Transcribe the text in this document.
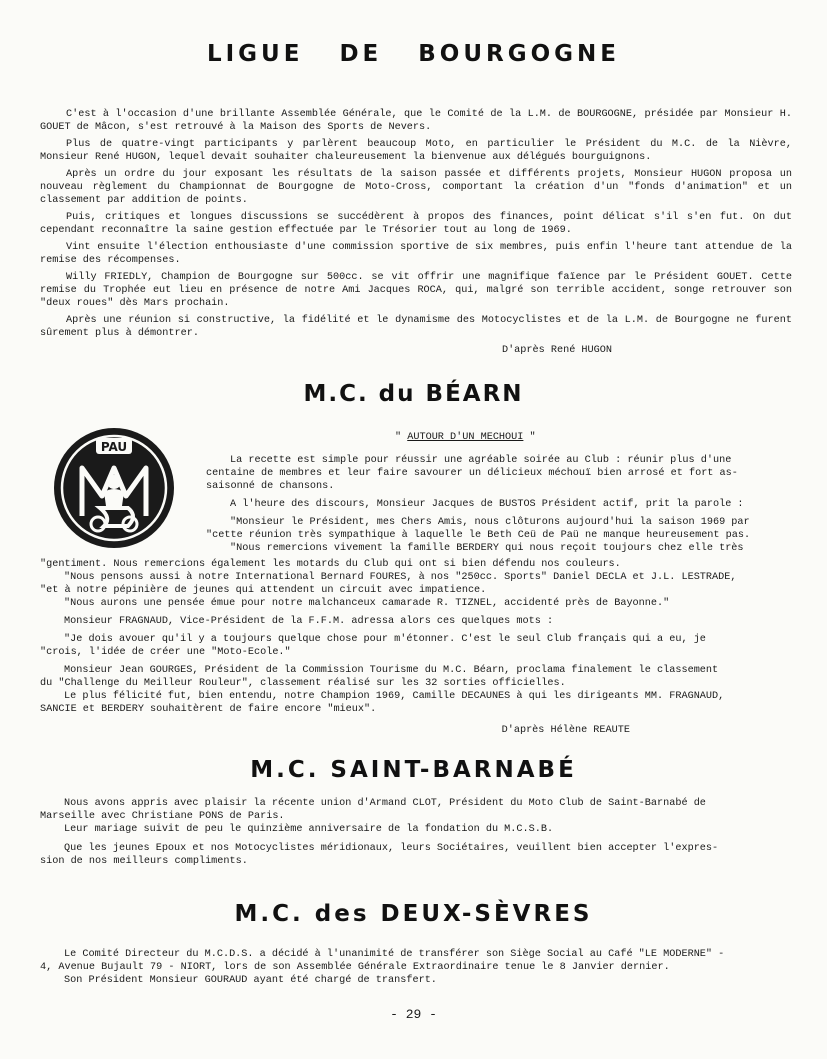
LIGUE DE BOURGOGNE

C'est à l'occasion d'une brillante Assemblée Générale, que le Comité de la L.M. de BOURGOGNE, présidée par Monsieur H. GOUET de Mâcon, s'est retrouvé à la Maison des Sports de Nevers.

Plus de quatre-vingt participants y parlèrent beaucoup Moto, en particulier le Président du M.C. de la Nièvre, Monsieur René HUGON, lequel devait souhaiter chaleureusement la bienvenue aux délégués bourguignons.

Après un ordre du jour exposant les résultats de la saison passée et différents projets, Monsieur HUGON proposa un nouveau règlement du Championnat de Bourgogne de Moto-Cross, comportant la création d'un "fonds d'animation" et un classement par addition de points.

Puis, critiques et longues discussions se succédèrent à propos des finances, point délicat s'il s'en fut. On dut cependant reconnaître la saine gestion effectuée par le Trésorier tout au long de 1969.

Vint ensuite l'élection enthousiaste d'une commission sportive de six membres, puis enfin l'heure tant attendue de la remise des récompenses.

Willy FRIEDLY, Champion de Bourgogne sur 500cc. se vit offrir une magnifique faïence par le Président GOUET. Cette remise du Trophée eut lieu en présence de notre Ami Jacques ROCA, qui, malgré son terrible accident, songe retrouver son "deux roues" dès Mars prochain.

Après une réunion si constructive, la fidélité et le dynamisme des Motocyclistes et de la L.M. de Bourgogne ne furent sûrement plus à démontrer.

D'après René HUGON
M.C. du BÉARN
PAU
" AUTOUR D'UN MECHOUI "

La recette est simple pour réussir une agréable soirée au Club : réunir plus d'une

centaine de membres et leur faire savourer un délicieux méchouï bien arrosé et fort as-

saisonné de chansons.

A l'heure des discours, Monsieur Jacques de BUSTOS Président actif, prit la parole :

"Monsieur le Président, mes Chers Amis, nous clôturons aujourd'hui la saison 1969 par

"cette réunion très sympathique à laquelle le Beth Ceü de Paü ne manque heureusement pas.

"Nous remercions vivement la famille BERDERY qui nous reçoit toujours chez elle très

"gentiment. Nous remercions également les motards du Club qui ont si bien défendu nos couleurs.

"Nous pensons aussi à notre International Bernard FOURES, à nos "250cc. Sports" Daniel DECLA et J.L. LESTRADE,

"et à notre pépinière de jeunes qui attendent un circuit avec impatience.

"Nous aurons une pensée émue pour notre malchanceux camarade R. TIZNEL, accidenté près de Bayonne."

Monsieur FRAGNAUD, Vice-Président de la F.F.M. adressa alors ces quelques mots :

"Je dois avouer qu'il y a toujours quelque chose pour m'étonner. C'est le seul Club français qui a eu, je

"crois, l'idée de créer une "Moto-Ecole."

Monsieur Jean GOURGES, Président de la Commission Tourisme du M.C. Béarn, proclama finalement le classement

du "Challenge du Meilleur Rouleur", classement réalisé sur les 32 sorties officielles.

Le plus félicité fut, bien entendu, notre Champion 1969, Camille DECAUNES à qui les dirigeants MM. FRAGNAUD,

SANCIE et BERDERY souhaitèrent de faire encore "mieux".

D'après Hélène REAUTE
M.C. SAINT-BARNABÉ

Nous avons appris avec plaisir la récente union d'Armand CLOT, Président du Moto Club de Saint-Barnabé de

Marseille avec Christiane PONS de Paris.

Leur mariage suivit de peu le quinzième anniversaire de la fondation du M.C.S.B.

Que les jeunes Epoux et nos Motocyclistes méridionaux, leurs Sociétaires, veuillent bien accepter l'expres-

sion de nos meilleurs compliments.

M.C. des DEUX-SÈVRES

Le Comité Directeur du M.C.D.S. a décidé à l'unanimité de transférer son Siège Social au Café "LE MODERNE" -

4, Avenue Bujault 79 - NIORT, lors de son Assemblée Générale Extraordinaire tenue le 8 Janvier dernier.

Son Président Monsieur GOURAUD ayant été chargé de transfert.

- 29 -
